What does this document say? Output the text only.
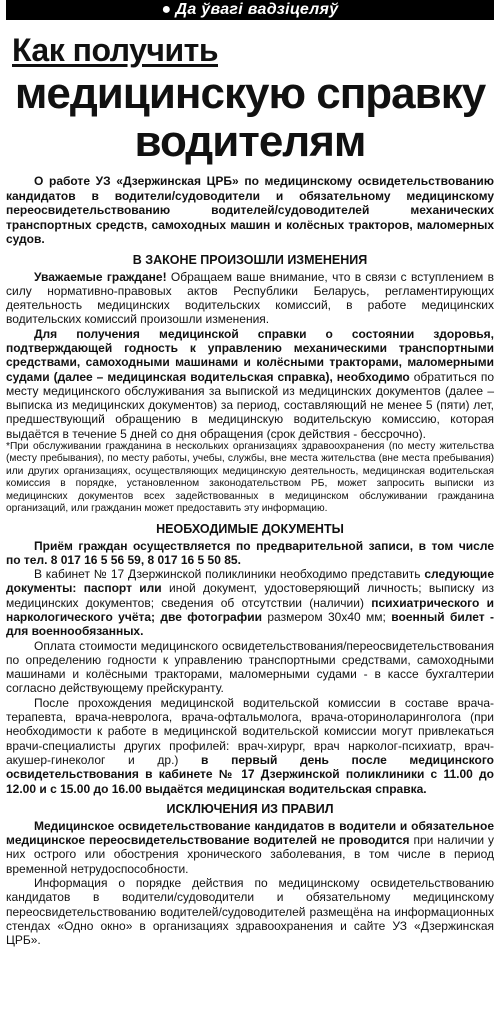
● Да ўвагі вадзіцеляў
Как получить
медицинскую справку
водителям

О работе УЗ «Дзержинская ЦРБ» по медицинскому освидетельствованию кандидатов в водители/судоводители и обязательному медицинскому переосвидетельствованию водителей/судоводителей механических транспортных средств, самоходных машин и колёсных тракторов, маломерных судов.

В ЗАКОНЕ ПРОИЗОШЛИ ИЗМЕНЕНИЯ

Уважаемые граждане! Обращаем ваше внимание, что в связи с вступлением в силу нормативно-правовых актов Республики Беларусь, регламентирующих деятельность медицинских водительских комиссий, в работе медицинских водительских комиссий произошли изменения.

Для получения медицинской справки о состоянии здоровья, подтверждающей годность к управлению механическими транспортными средствами, самоходными машинами и колёсными тракторами, маломерными судами (далее – медицинская водительская справка), необходимо обратиться по месту медицинского обслуживания за выпиской из медицинских документов (далее – выписка из медицинских документов) за период, составляющий не менее 5 (пяти) лет, предшествующий обращению в медицинскую водительскую комиссию, которая выдаётся в течение 5 дней со дня обращения (срок действия - бессрочно).

*При обслуживании гражданина в нескольких организациях здравоохранения (по месту жительства (месту пребывания), по месту работы, учебы, службы, вне места жительства (вне места пребывания) или других организациях, осуществляющих медицинскую деятельность, медицинская водительская комиссия в порядке, установленном законодательством РБ, может запросить выписки из медицинских документов всех задействованных в медицинском обслуживании гражданина организаций, или гражданин может предоставить эту информацию.

НЕОБХОДИМЫЕ ДОКУМЕНТЫ

Приём граждан осуществляется по предварительной записи, в том числе по тел. 8 017 16 5 56 59, 8 017 16 5 50 85.

В кабинет № 17 Дзержинской поликлиники необходимо представить следующие документы: паспорт или иной документ, удостоверяющий личность; выписку из медицинских документов; сведения об отсутствии (наличии) психиатрического и наркологического учёта; две фотографии размером 30х40 мм; военный билет - для военнообязанных.

Оплата стоимости медицинского освидетельствования/переосвидетельствования по определению годности к управлению транспортными средствами, самоходными машинами и колёсными тракторами, маломерными судами - в кассе бухгалтерии согласно действующему прейскуранту.

После прохождения медицинской водительской комиссии в составе врача-терапевта, врача-невролога, врача-офтальмолога, врача-оториноларинголога (при необходимости к работе в медицинской водительской комиссии могут привлекаться врачи-специалисты других профилей: врач-хирург, врач нарколог-психиатр, врач-акушер-гинеколог и др.) в первый день после медицинского освидетельствования в кабинете № 17 Дзержинской поликлиники с 11.00 до 12.00 и с 15.00 до 16.00 выдаётся медицинская водительская справка.

ИСКЛЮЧЕНИЯ ИЗ ПРАВИЛ

Медицинское освидетельствование кандидатов в водители и обязательное медицинское переосвидетельствование водителей не проводится при наличии у них острого или обострения хронического заболевания, в том числе в период временной нетрудоспособности.

Информация о порядке действия по медицинскому освидетельствованию кандидатов в водители/судоводители и обязательному медицинскому переосвидетельствованию водителей/судоводителей размещёна на информационных стендах «Одно окно» в организациях здравоохранения и сайте УЗ «Дзержинская ЦРБ».
